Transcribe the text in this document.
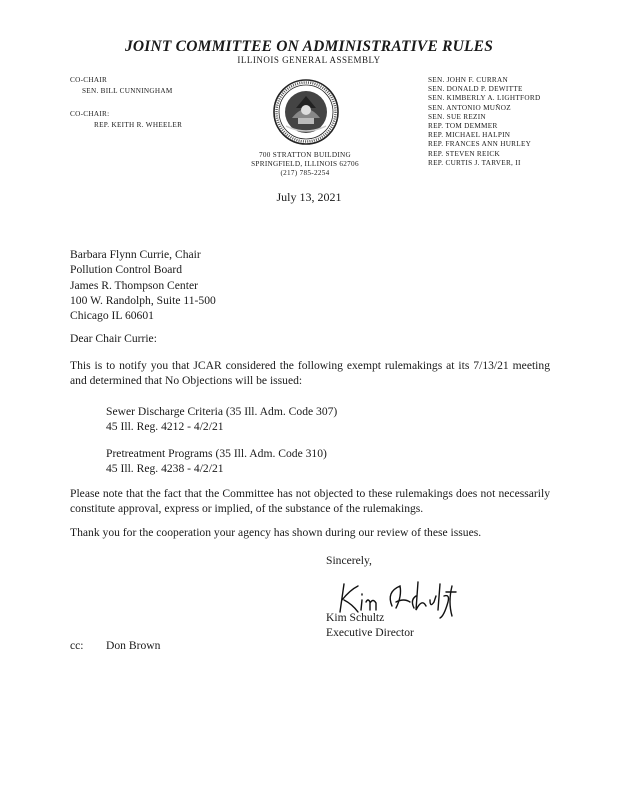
JOINT COMMITTEE ON ADMINISTRATIVE RULES
ILLINOIS GENERAL ASSEMBLY
CO-CHAIR
SEN. BILL CUNNINGHAM
CO-CHAIR:
REP. KEITH R. WHEELER
SEN. JOHN F. CURRAN
SEN. DONALD P. DEWITTE
SEN. KIMBERLY A. LIGHTFORD
SEN. ANTONIO MUÑOZ
SEN. SUE REZIN
REP. TOM DEMMER
REP. MICHAEL HALPIN
REP. FRANCES ANN HURLEY
REP. STEVEN REICK
REP. CURTIS J. TARVER, II
700 STRATTON BUILDING
SPRINGFIELD, ILLINOIS 62706
(217) 785-2254
July 13, 2021
Barbara Flynn Currie, Chair
Pollution Control Board
James R. Thompson Center
100 W. Randolph, Suite 11-500
Chicago IL 60601
Dear Chair Currie:
This is to notify you that JCAR considered the following exempt rulemakings at its 7/13/21 meeting and determined that No Objections will be issued:
Sewer Discharge Criteria (35 Ill. Adm. Code 307)
45 Ill. Reg. 4212 - 4/2/21
Pretreatment Programs (35 Ill. Adm. Code 310)
45 Ill. Reg. 4238 - 4/2/21
Please note that the fact that the Committee has not objected to these rulemakings does not necessarily constitute approval, express or implied, of the substance of the rulemakings.
Thank you for the cooperation your agency has shown during our review of these issues.
Sincerely,
Kim Schultz
Executive Director
cc: Don Brown
